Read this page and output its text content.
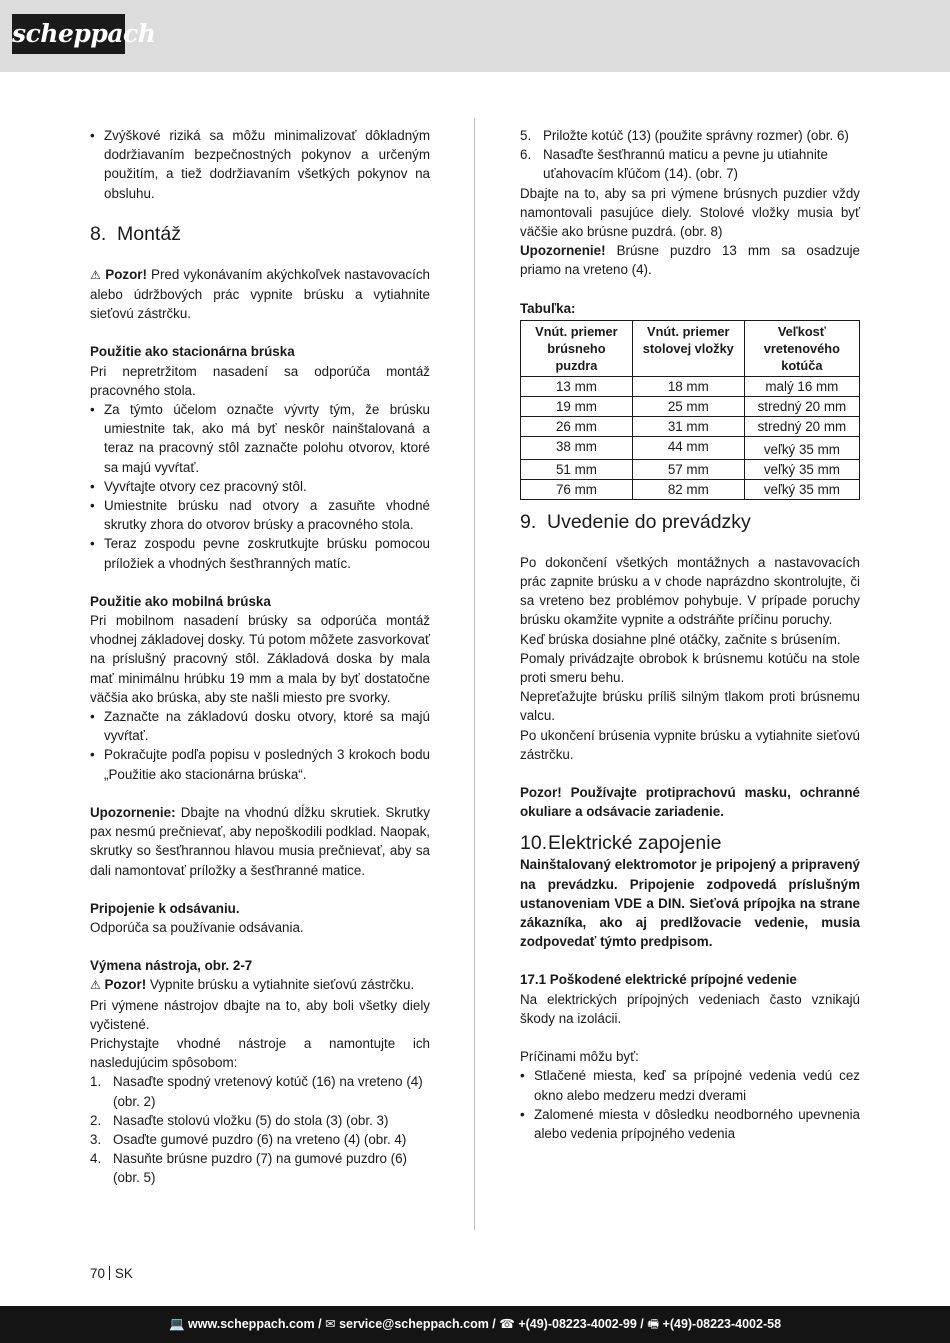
scheppach
• Zvýškové riziká sa môžu minimalizovať dôkladným dodržiavaním bezpečnostných pokynov a určeným použitím, a tiež dodržiavaním všetkých pokynov na obsluhu.
8. Montáž

⚠ Pozor! Pred vykonávaním akýchkoľvek nastavovacích alebo údržbových prác vypnite brúsku a vytiahnite sieťovú zástrčku.

Použitie ako stacionárna brúska

Pri nepretržitom nasadení sa odporúča montáž pracovného stola.

• Za týmto účelom označte vývrty tým, že brúsku umiestnite tak, ako má byť neskôr nainštalovaná a teraz na pracovný stôl zaznačte polohu otvorov, ktoré sa majú vyvŕtať.
• Vyvŕtajte otvory cez pracovný stôl.
• Umiestnite brúsku nad otvory a zasuňte vhodné skrutky zhora do otvorov brúsky a pracovného stola.
• Teraz zospodu pevne zoskrutkujte brúsku pomocou príložiek a vhodných šesťhranných matíc.

Použitie ako mobilná brúska

Pri mobilnom nasadení brúsky sa odporúča montáž vhodnej základovej dosky. Tú potom môžete zasvorkovať na príslušný pracovný stôl. Základová doska by mala mať minimálnu hrúbku 19 mm a mala by byť dostatočne väčšia ako brúska, aby ste našli miesto pre svorky.

• Zaznačte na základovú dosku otvory, ktoré sa majú vyvŕtať.
• Pokračujte podľa popisu v posledných 3 krokoch bodu „Použitie ako stacionárna brúska“.

Upozornenie: Dbajte na vhodnú dĺžku skrutiek. Skrutky pax nesmú prečnievať, aby nepoškodili podklad. Naopak, skrutky so šesťhrannou hlavou musia prečnievať, aby sa dali namontovať príložky a šesťhranné matice.

Pripojenie k odsávaniu.

Odporúča sa používanie odsávania.

Výmena nástroja, obr. 2-7

⚠ Pozor! Vypnite brúsku a vytiahnite sieťovú zástrčku.

Pri výmene nástrojov dbajte na to, aby boli všetky diely vyčistené.

Prichystajte vhodné nástroje a namontujte ich nasledujúcim spôsobom:

1. Nasaďte spodný vretenový kotúč (16) na vreteno (4) (obr. 2)
2. Nasaďte stolovú vložku (5) do stola (3) (obr. 3)
3. Osaďte gumové puzdro (6) na vreteno (4) (obr. 4)
4. Nasuňte brúsne puzdro (7) na gumové puzdro (6) (obr. 5)
5. Priložte kotúč (13) (použite správny rozmer) (obr. 6)
6. Nasaďte šesťhrannú maticu a pevne ju utiahnite uťahovacím kľúčom (14). (obr. 7)

Dbajte na to, aby sa pri výmene brúsnych puzdier vždy namontovali pasujúce diely. Stolové vložky musia byť väčšie ako brúsne puzdrá. (obr. 8)

Upozornenie! Brúsne puzdro 13 mm sa osadzuje priamo na vreteno (4).

Tabuľka:

Vnút. priemer brúsneho puzdra	Vnút. priemer stolovej vložky	Veľkosť vretenového kotúča
13 mm	18 mm	malý 16 mm
19 mm	25 mm	stredný 20 mm
26 mm	31 mm	stredný 20 mm
38 mm	44 mm	veľký 35 mm
51 mm	57 mm	veľký 35 mm
76 mm	82 mm	veľký 35 mm
9. Uvedenie do prevádzky

Po dokončení všetkých montážnych a nastavovacích prác zapnite brúsku a v chode naprázdno skontrolujte, či sa vreteno bez problémov pohybuje. V prípade poruchy brúsku okamžite vypnite a odstráňte príčinu poruchy.

Keď brúska dosiahne plné otáčky, začnite s brúsením.

Pomaly privádzajte obrobok k brúsnemu kotúču na stole proti smeru behu.

Nepreťažujte brúsku príliš silným tlakom proti brúsnemu valcu.

Po ukončení brúsenia vypnite brúsku a vytiahnite sieťovú zástrčku.

Pozor! Používajte protiprachovú masku, ochranné okuliare a odsávacie zariadenie.

10.Elektrické zapojenie

Nainštalovaný elektromotor je pripojený a pripravený na prevádzku. Pripojenie zodpovedá príslušným ustanoveniam VDE a DIN. Sieťová prípojka na strane zákazníka, ako aj predlžovacie vedenie, musia zodpovedať týmto predpisom.

17.1 Poškodené elektrické prípojné vedenie

Na elektrických prípojných vedeniach často vznikajú škody na izolácii.

Príčinami môžu byť:

• Stlačené miesta, keď sa prípojné vedenia vedú cez okno alebo medzeru medzi dverami
• Zalomené miesta v dôsledku neodborného upevnenia alebo vedenia prípojného vedenia
70 SK
💻 www.scheppach.com / ✉ service@scheppach.com / ☎ +(49)-08223-4002-99 / 🖷 +(49)-08223-4002-58
